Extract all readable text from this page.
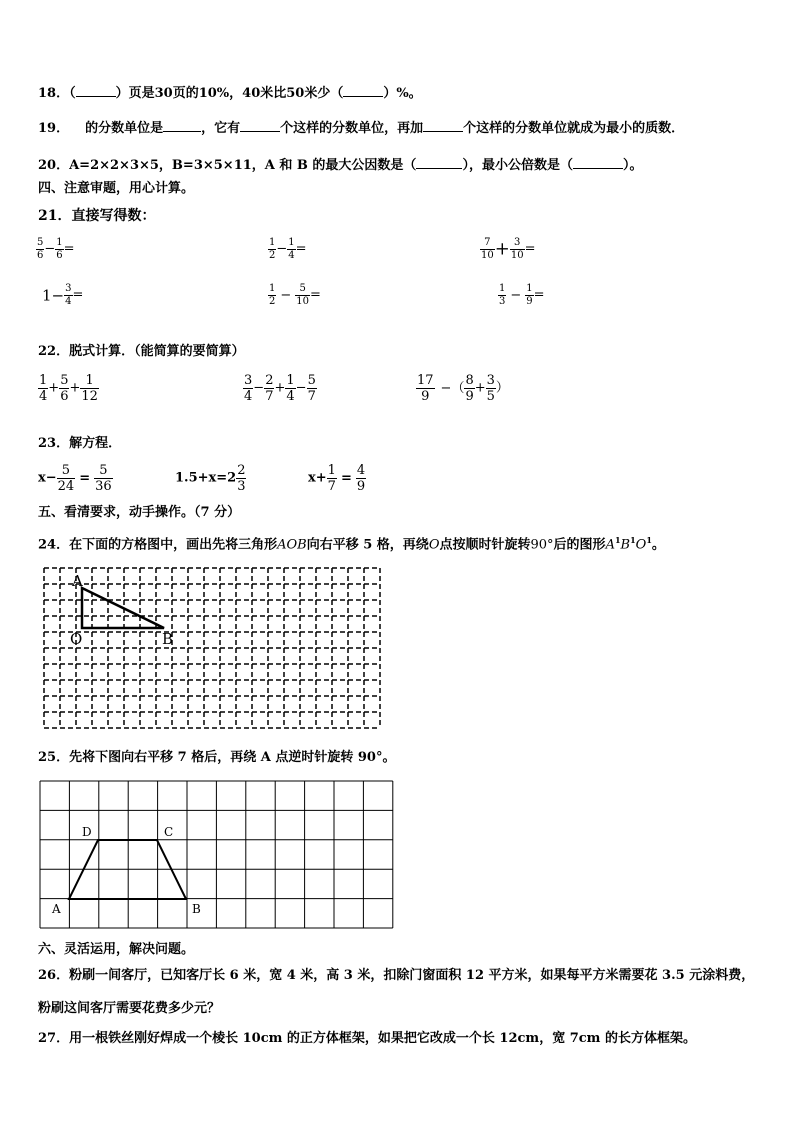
18．（	）页是30页的10%，40米比50米少（	）%。
19． 的分数单位是	，它有	个这样的分数单位，再加	个这样的分数单位就成为最小的质数．
20．A=2×2×3×5，B=3×5×11，A 和 B 的最大公因数是（	），最小公倍数是（	）。
四、注意审题，用心计算。
21．直接写得数：
$\frac{5}{6} - \frac{1}{6}$ =	$\frac{1}{2} - \frac{1}{4}$ =	$\frac{7}{10} + \frac{3}{10}$ =
$1- \frac{3}{4}$ =	$\frac{1}{2} - \frac{5}{10}$ =	$\frac{1}{3} - \frac{1}{9}$ =
22．脱式计算．（能简算的要简算）
$\frac{1}{4} + \frac{5}{6} + \frac{1}{12}$	$\frac{3}{4} - \frac{2}{7} + \frac{1}{4} - \frac{5}{7}$	$\frac{17}{9}$ −（ $\frac{8}{9} + \frac{3}{5}$ ）
23．解方程．
$x- \frac{5}{24} = \frac{5}{36}$	$1.5+x=2 \frac{2}{3}$	$x+ \frac{1}{7} = \frac{4}{9}$
五、看清要求，动手操作。（7 分）
24．在下面的方格图中，画出先将三角形AOB向右平移 5 格，再绕O点按顺时针旋转90°后的图形$A^1B^1O^1$。
A
O	B
25．先将下图向右平移 7 格后，再绕 A 点逆时针旋转 90°。
A	B
C
D
六、灵活运用，解决问题。
26．粉刷一间客厅，已知客厅长 6 米，宽 4 米，高 3 米，扣除门窗面积 12 平方米，如果每平方米需要花 3.5 元涂料费，
粉刷这间客厅需要花费多少元？
27．用一根铁丝刚好焊成一个棱长 10cm 的正方体框架，如果把它改成一个长 12cm，宽 7cm 的长方体框架。
